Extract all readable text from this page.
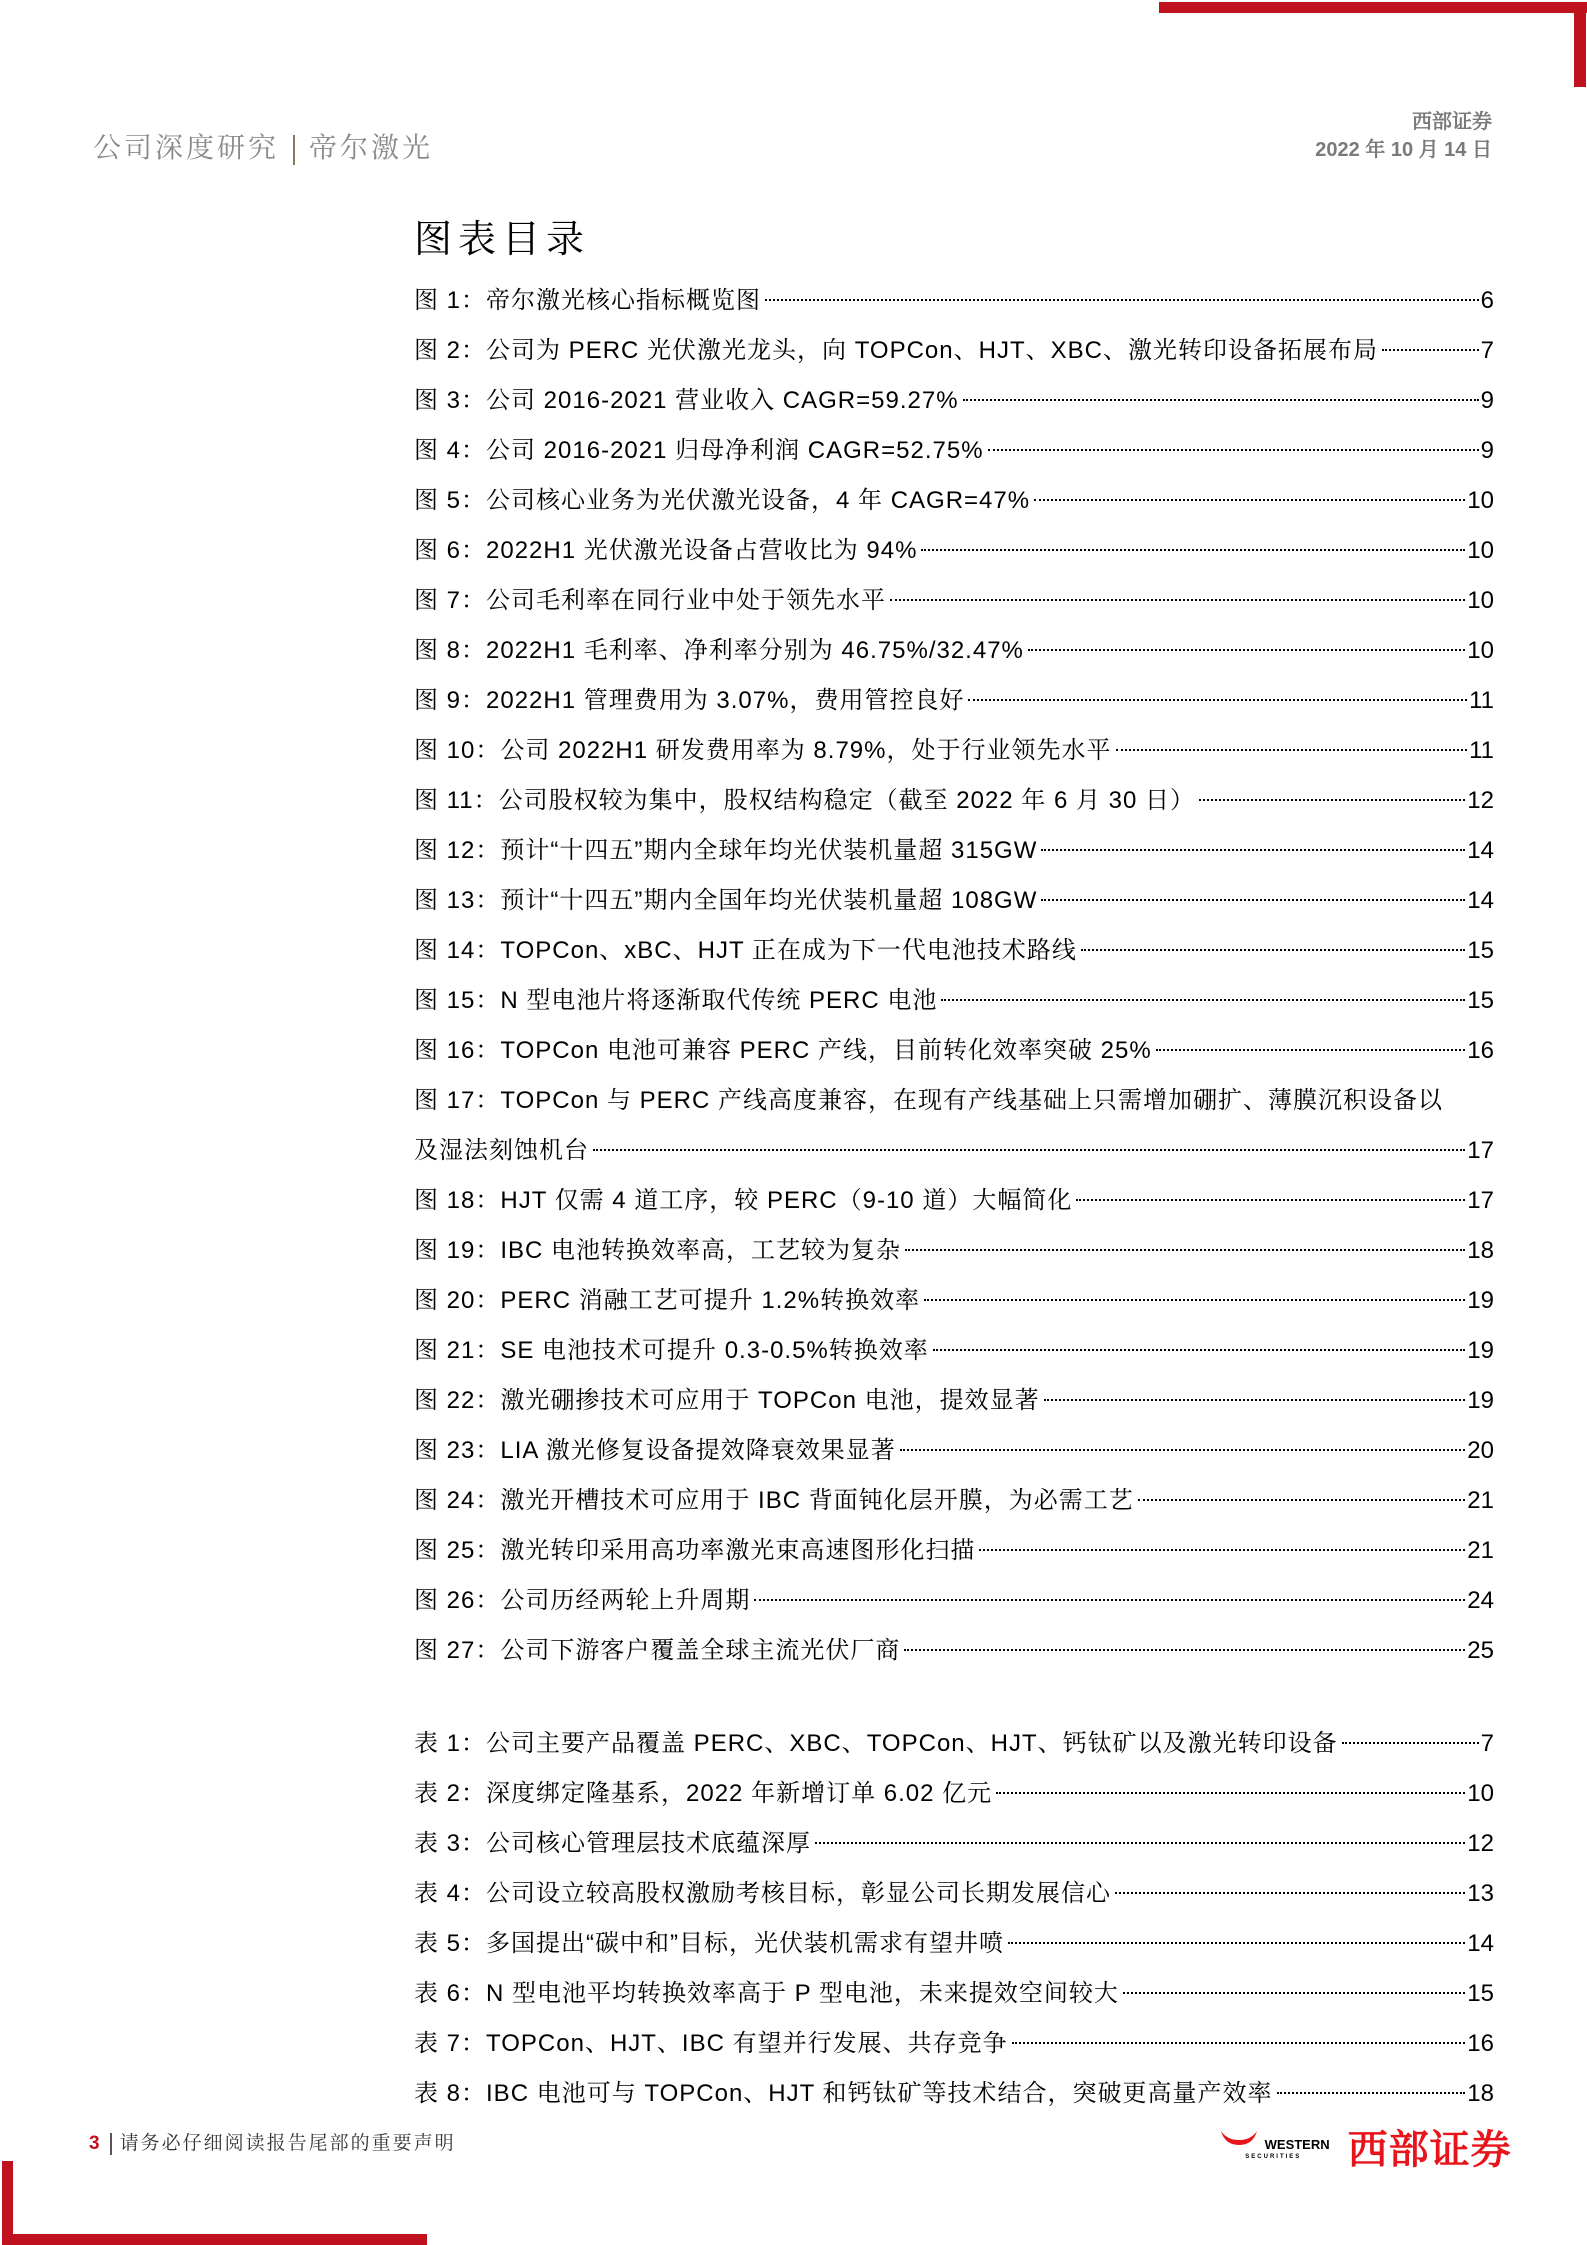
公司深度研究 帝尔激光
西部证券
2022 年 10 月 14 日
图表目录
图 1：帝尔激光核心指标概览图	6
图 2：公司为 PERC 光伏激光龙头，向 TOPCon、HJT、XBC、激光转印设备拓展布局	7
图 3：公司 2016-2021 营业收入 CAGR=59.27%	9
图 4：公司 2016-2021 归母净利润 CAGR=52.75%	9
图 5：公司核心业务为光伏激光设备，4 年 CAGR=47%	10
图 6：2022H1 光伏激光设备占营收比为 94%	10
图 7：公司毛利率在同行业中处于领先水平	10
图 8：2022H1 毛利率、净利率分别为 46.75%/32.47%	10
图 9：2022H1 管理费用为 3.07%，费用管控良好	11
图 10：公司 2022H1 研发费用率为 8.79%，处于行业领先水平	11
图 11：公司股权较为集中，股权结构稳定（截至 2022 年 6 月 30 日）	12
图 12：预计“十四五”期内全球年均光伏装机量超 315GW	14
图 13：预计“十四五”期内全国年均光伏装机量超 108GW	14
图 14：TOPCon、xBC、HJT 正在成为下一代电池技术路线	15
图 15：N 型电池片将逐渐取代传统 PERC 电池	15
图 16：TOPCon 电池可兼容 PERC 产线，目前转化效率突破 25%	16
图 17：TOPCon 与 PERC 产线高度兼容，在现有产线基础上只需增加硼扩、薄膜沉积设备以
及湿法刻蚀机台	17
图 18：HJT 仅需 4 道工序，较 PERC（9-10 道）大幅简化	17
图 19：IBC 电池转换效率高，工艺较为复杂	18
图 20：PERC 消融工艺可提升 1.2%转换效率	19
图 21：SE 电池技术可提升 0.3-0.5%转换效率	19
图 22：激光硼掺技术可应用于 TOPCon 电池，提效显著	19
图 23：LIA 激光修复设备提效降衰效果显著	20
图 24：激光开槽技术可应用于 IBC 背面钝化层开膜，为必需工艺	21
图 25：激光转印采用高功率激光束高速图形化扫描	21
图 26：公司历经两轮上升周期	24
图 27：公司下游客户覆盖全球主流光伏厂商	25
表 1：公司主要产品覆盖 PERC、XBC、TOPCon、HJT、钙钛矿以及激光转印设备	7
表 2：深度绑定隆基系，2022 年新增订单 6.02 亿元	10
表 3：公司核心管理层技术底蕴深厚	12
表 4：公司设立较高股权激励考核目标，彰显公司长期发展信心	13
表 5：多国提出“碳中和”目标，光伏装机需求有望井喷	14
表 6：N 型电池平均转换效率高于 P 型电池，未来提效空间较大	15
表 7：TOPCon、HJT、IBC 有望并行发展、共存竞争	16
表 8：IBC 电池可与 TOPCon、HJT 和钙钛矿等技术结合，突破更高量产效率	18
3 请务必仔细阅读报告尾部的重要声明	WESTERN
SECURITIES	西部证券
